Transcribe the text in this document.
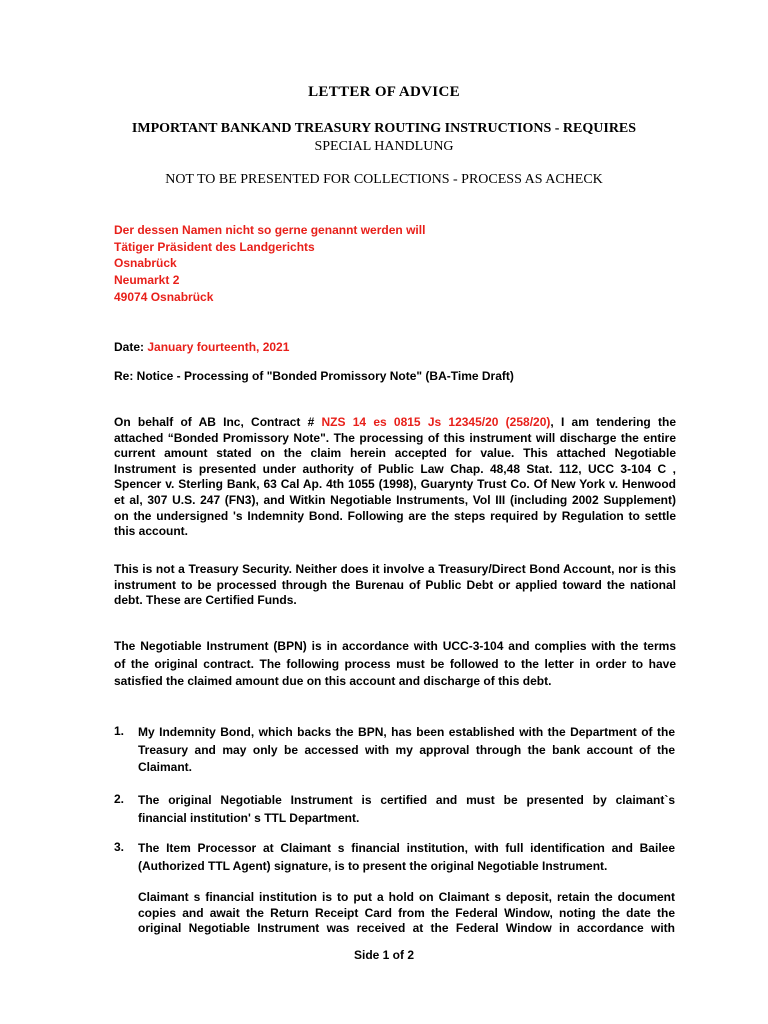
LETTER OF ADVICE
IMPORTANT BANKAND TREASURY ROUTING INSTRUCTIONS - REQUIRES
SPECIAL HANDLUNG
NOT TO BE PRESENTED FOR COLLECTIONS - PROCESS AS ACHECK
Der dessen Namen nicht so gerne genannt werden will
Tätiger Präsident des Landgerichts
Osnabrück
Neumarkt 2
49074 Osnabrück
Date: January fourteenth, 2021
Re: Notice - Processing of "Bonded Promissory Note" (BA-Time Draft)
On behalf of AB Inc, Contract # NZS 14 es 0815 Js 12345/20 (258/20), I am tendering the
attached “Bonded Promissory Note". The processing of this instrument will discharge the entire
current amount stated on the claim herein accepted for value. This attached Negotiable
Instrument is presented under authority of Public Law Chap. 48,48 Stat. 112, UCC 3-104 C ,
Spencer v. Sterling Bank, 63 Cal Ap. 4th 1055 (1998), Guarynty Trust Co. Of New York v. Henwood
et al, 307 U.S. 247 (FN3), and Witkin Negotiable Instruments, Vol III (including 2002 Supplement)
on the undersigned 's Indemnity Bond. Following are the steps required by Regulation to settle
this account.
This is not a Treasury Security. Neither does it involve a Treasury/Direct Bond Account, nor is this
instrument to be processed through the Burenau of Public Debt or applied toward the national
debt. These are Certified Funds.
The Negotiable Instrument (BPN) is in accordance with UCC-3-104 and complies with the terms
of the original contract. The following process must be followed to the letter in order to have
satisfied the claimed amount due on this account and discharge of this debt.
1. My Indemnity Bond, which backs the BPN, has been established with the Department of the
Treasury and may only be accessed with my approval through the bank account of the
Claimant.
2. The original Negotiable Instrument is certified and must be presented by claimant`s
financial institution' s TTL Department.
3. The Item Processor at Claimant s financial institution, with full identification and Bailee
(Authorized TTL Agent) signature, is to present the original Negotiable Instrument.
Claimant s financial institution is to put a hold on Claimant s deposit, retain the document
copies and await the Return Receipt Card from the Federal Window, noting the date the
original Negotiable Instrument was received at the Federal Window in accordance with
Side 1 of 2
